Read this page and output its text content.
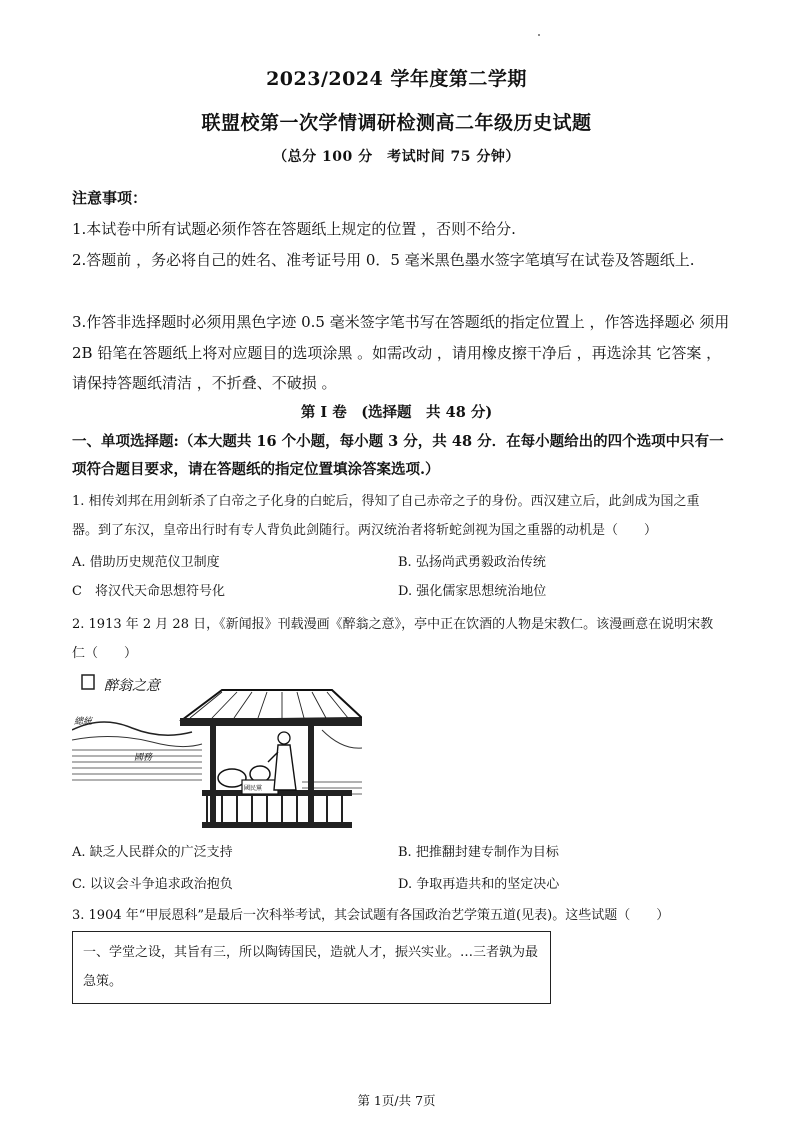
2023/2024 学年度第二学期
联盟校第一次学情调研检测高二年级历史试题
（总分 100 分　考试时间 75 分钟）
注意事项：
1.本试卷中所有试题必须作答在答题纸上规定的位置 ，否则不给分.
2.答题前 ，务必将自己的姓名、准考证号用 0．5 毫米黑色墨水签字笔填写在试卷及答题纸上.
3.作答非选择题时必须用黑色字迹 0.5 毫米签字笔书写在答题纸的指定位置上 ，作答选择题必 须用 2B 铅笔在答题纸上将对应题目的选项涂黑 。如需改动 ，请用橡皮擦干净后 ，再选涂其 它答案 ，请保持答题纸清洁 ，不折叠、不破损 。
第 I 卷　(选择题　共 48 分)
一、单项选择题:（本大题共 16 个小题，每小题 3 分，共 48 分．在每小题给出的四个选项中只有一项符合题目要求，请在答题纸的指定位置填涂答案选项.）
1. 相传刘邦在用剑斩杀了白帝之子化身的白蛇后，得知了自己赤帝之子的身份。西汉建立后，此剑成为国之重器。到了东汉，皇帝出行时有专人背负此剑随行。两汉统治者将斩蛇剑视为国之重器的动机是（　　）
A. 借助历史规范仪卫制度	B. 弘扬尚武勇毅政治传统
C　将汉代天命思想符号化	D. 强化儒家思想统治地位
2. 1913 年 2 月 28 日，《新闻报》刊载漫画《醉翁之意》，亭中正在饮酒的人物是宋教仁。该漫画意在说明宋教仁（　　）
醉翁之意
總統
國務
國民黨
A. 缺乏人民群众的广泛支持	B. 把推翻封建专制作为目标
C. 以议会斗争追求政治抱负	D. 争取再造共和的坚定决心
3. 1904 年“甲辰恩科”是最后一次科举考试，其会试题有各国政治艺学策五道(见表)。这些试题（　　）
一、学堂之设，其旨有三，所以陶铸国民，造就人才，振兴实业。…三者孰为最急策。
第 1页/共 7页
